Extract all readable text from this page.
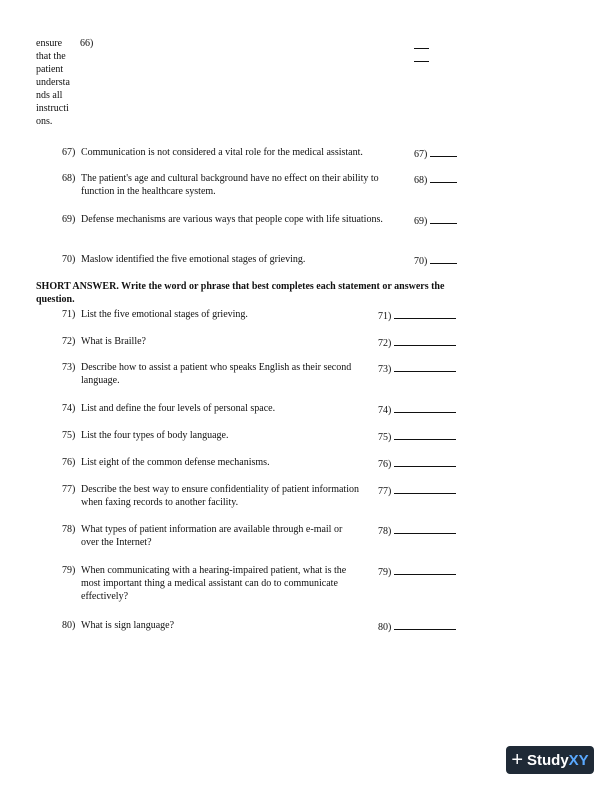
ensure
that the
patient
understa
nds all
instructi
ons.
66)
67) Communication is not considered a vital role for the medical assistant.	67)
68) The patient's age and cultural background have no effect on their ability to function in the healthcare system.
68)
69) Defense mechanisms are various ways that people cope with life situations.	69)
70) Maslow identified the five emotional stages of grieving.	70)
SHORT ANSWER. Write the word or phrase that best completes each statement or answers the question.
71) List the five emotional stages of grieving.	71)
72) What is Braille?	72)
73) Describe how to assist a patient who speaks English as their second language.
73)
74) List and define the four levels of personal space.	74)
75) List the four types of body language.	75)
76) List eight of the common defense mechanisms.	76)
77) Describe the best way to ensure confidentiality of patient information when faxing records to another facility.
77)
78) What types of patient information are available through e-mail or over the Internet?
78)
79) When communicating with a hearing-impaired patient, what is the most important thing a medical assistant can do to communicate effectively?
79)
80) What is sign language?	80)
+ Study XY
